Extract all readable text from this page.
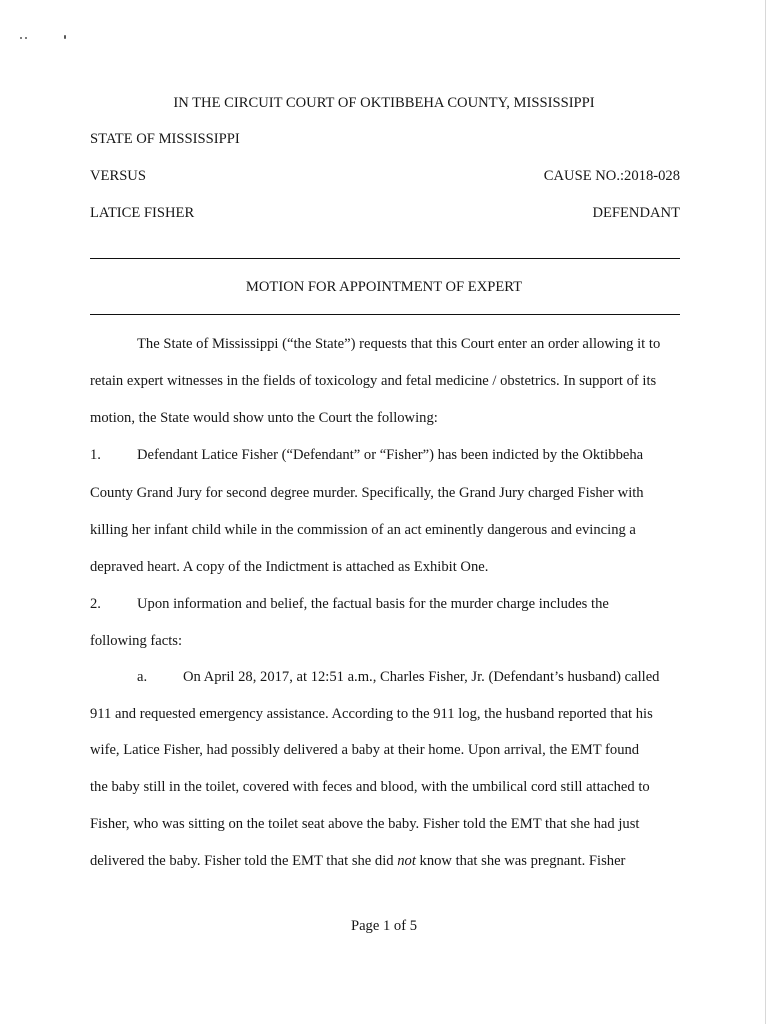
IN THE CIRCUIT COURT OF OKTIBBEHA COUNTY, MISSISSIPPI
STATE OF MISSISSIPPI
VERSUS	CAUSE NO.:2018-028
LATICE FISHER	DEFENDANT
MOTION FOR APPOINTMENT OF EXPERT
The State of Mississippi (“the State”) requests that this Court enter an order allowing it to
retain expert witnesses in the fields of toxicology and fetal medicine / obstetrics. In support of its
motion, the State would show unto the Court the following:
1. Defendant Latice Fisher (“Defendant” or “Fisher”) has been indicted by the Oktibbeha
County Grand Jury for second degree murder. Specifically, the Grand Jury charged Fisher with
killing her infant child while in the commission of an act eminently dangerous and evincing a
depraved heart. A copy of the Indictment is attached as Exhibit One.
2. Upon information and belief, the factual basis for the murder charge includes the
following facts:
a. On April 28, 2017, at 12:51 a.m., Charles Fisher, Jr. (Defendant’s husband) called
911 and requested emergency assistance. According to the 911 log, the husband reported that his
wife, Latice Fisher, had possibly delivered a baby at their home. Upon arrival, the EMT found
the baby still in the toilet, covered with feces and blood, with the umbilical cord still attached to
Fisher, who was sitting on the toilet seat above the baby. Fisher told the EMT that she had just
delivered the baby. Fisher told the EMT that she did not know that she was pregnant. Fisher
Page 1 of 5
